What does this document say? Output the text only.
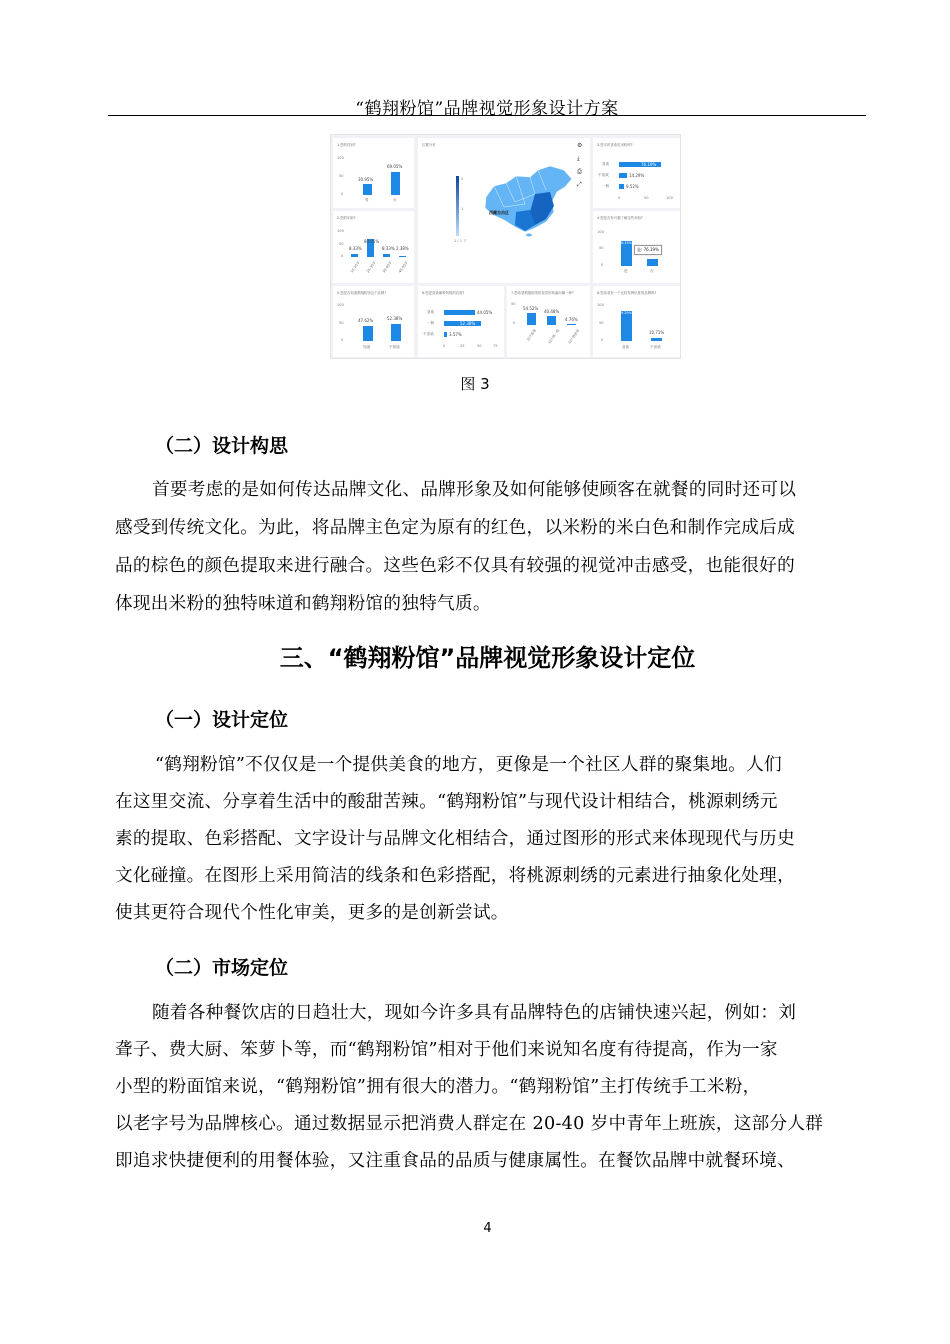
“鹤翔粉馆”品牌视觉形象设计方案
1.您的性别?
100
50
0
30.95%
69.05%
男	女
2.您的年龄?
100
50
0
8.33%
80.95%
8.33% 2.38%
10-20岁 20-30岁 30-40岁 40-50岁
位置分布	⚙
⤓
⎙
⤢
2
1
1 / 1 下
西藏自治区
3.您平时喜欢吃米粉吗?
喜欢
不喜欢
一般
76.19%
14.29%
9.52%
0	50	100
4.您是否有兴趣了解这些米粉?
100
50
0
76.19%
是: 76.19%
是	否
5.您是否知道鹤翔粉馆这个品牌?
100
50
0
47.62%	52.38%
知道	不知道
6.您更喜欢哪种风格的店面?
喜欢
一般
不喜欢
44.05%
52.38%
3.57%
0	25	50	75
7.您希望鹤翔粉馆的视觉形象偏向哪一种?
50
0
54.52%
40.48%
4.76%
设计感强	设计感一般 设计感很弱
8.您喜欢有一个比较有辨识度的品牌吗?
100
50
0
89.29%
10.71%
喜欢	不喜欢
图 3
（二）设计构思
首要考虑的是如何传达品牌文化、品牌形象及如何能够使顾客在就餐的同时还可以
感受到传统文化。为此，将品牌主色定为原有的红色，以米粉的米白色和制作完成后成
品的棕色的颜色提取来进行融合。这些色彩不仅具有较强的视觉冲击感受，也能很好的
体现出米粉的独特味道和鹤翔粉馆的独特气质。
三、“鹤翔粉馆”品牌视觉形象设计定位
（一）设计定位
“鹤翔粉馆”不仅仅是一个提供美食的地方，更像是一个社区人群的聚集地。人们
在这里交流、分享着生活中的酸甜苦辣。“鹤翔粉馆”与现代设计相结合，桃源刺绣元
素的提取、色彩搭配、文字设计与品牌文化相结合，通过图形的形式来体现现代与历史
文化碰撞。在图形上采用简洁的线条和色彩搭配，将桃源刺绣的元素进行抽象化处理，
使其更符合现代个性化审美，更多的是创新尝试。
（二）市场定位
随着各种餐饮店的日趋壮大，现如今许多具有品牌特色的店铺快速兴起，例如：刘
聋子、费大厨、笨萝卜等，而“鹤翔粉馆”相对于他们来说知名度有待提高，作为一家
小型的粉面馆来说，“鹤翔粉馆”拥有很大的潜力。“鹤翔粉馆”主打传统手工米粉，
以老字号为品牌核心。通过数据显示把消费人群定在 20-40 岁中青年上班族，这部分人群
即追求快捷便利的用餐体验，又注重食品的品质与健康属性。在餐饮品牌中就餐环境、
4
